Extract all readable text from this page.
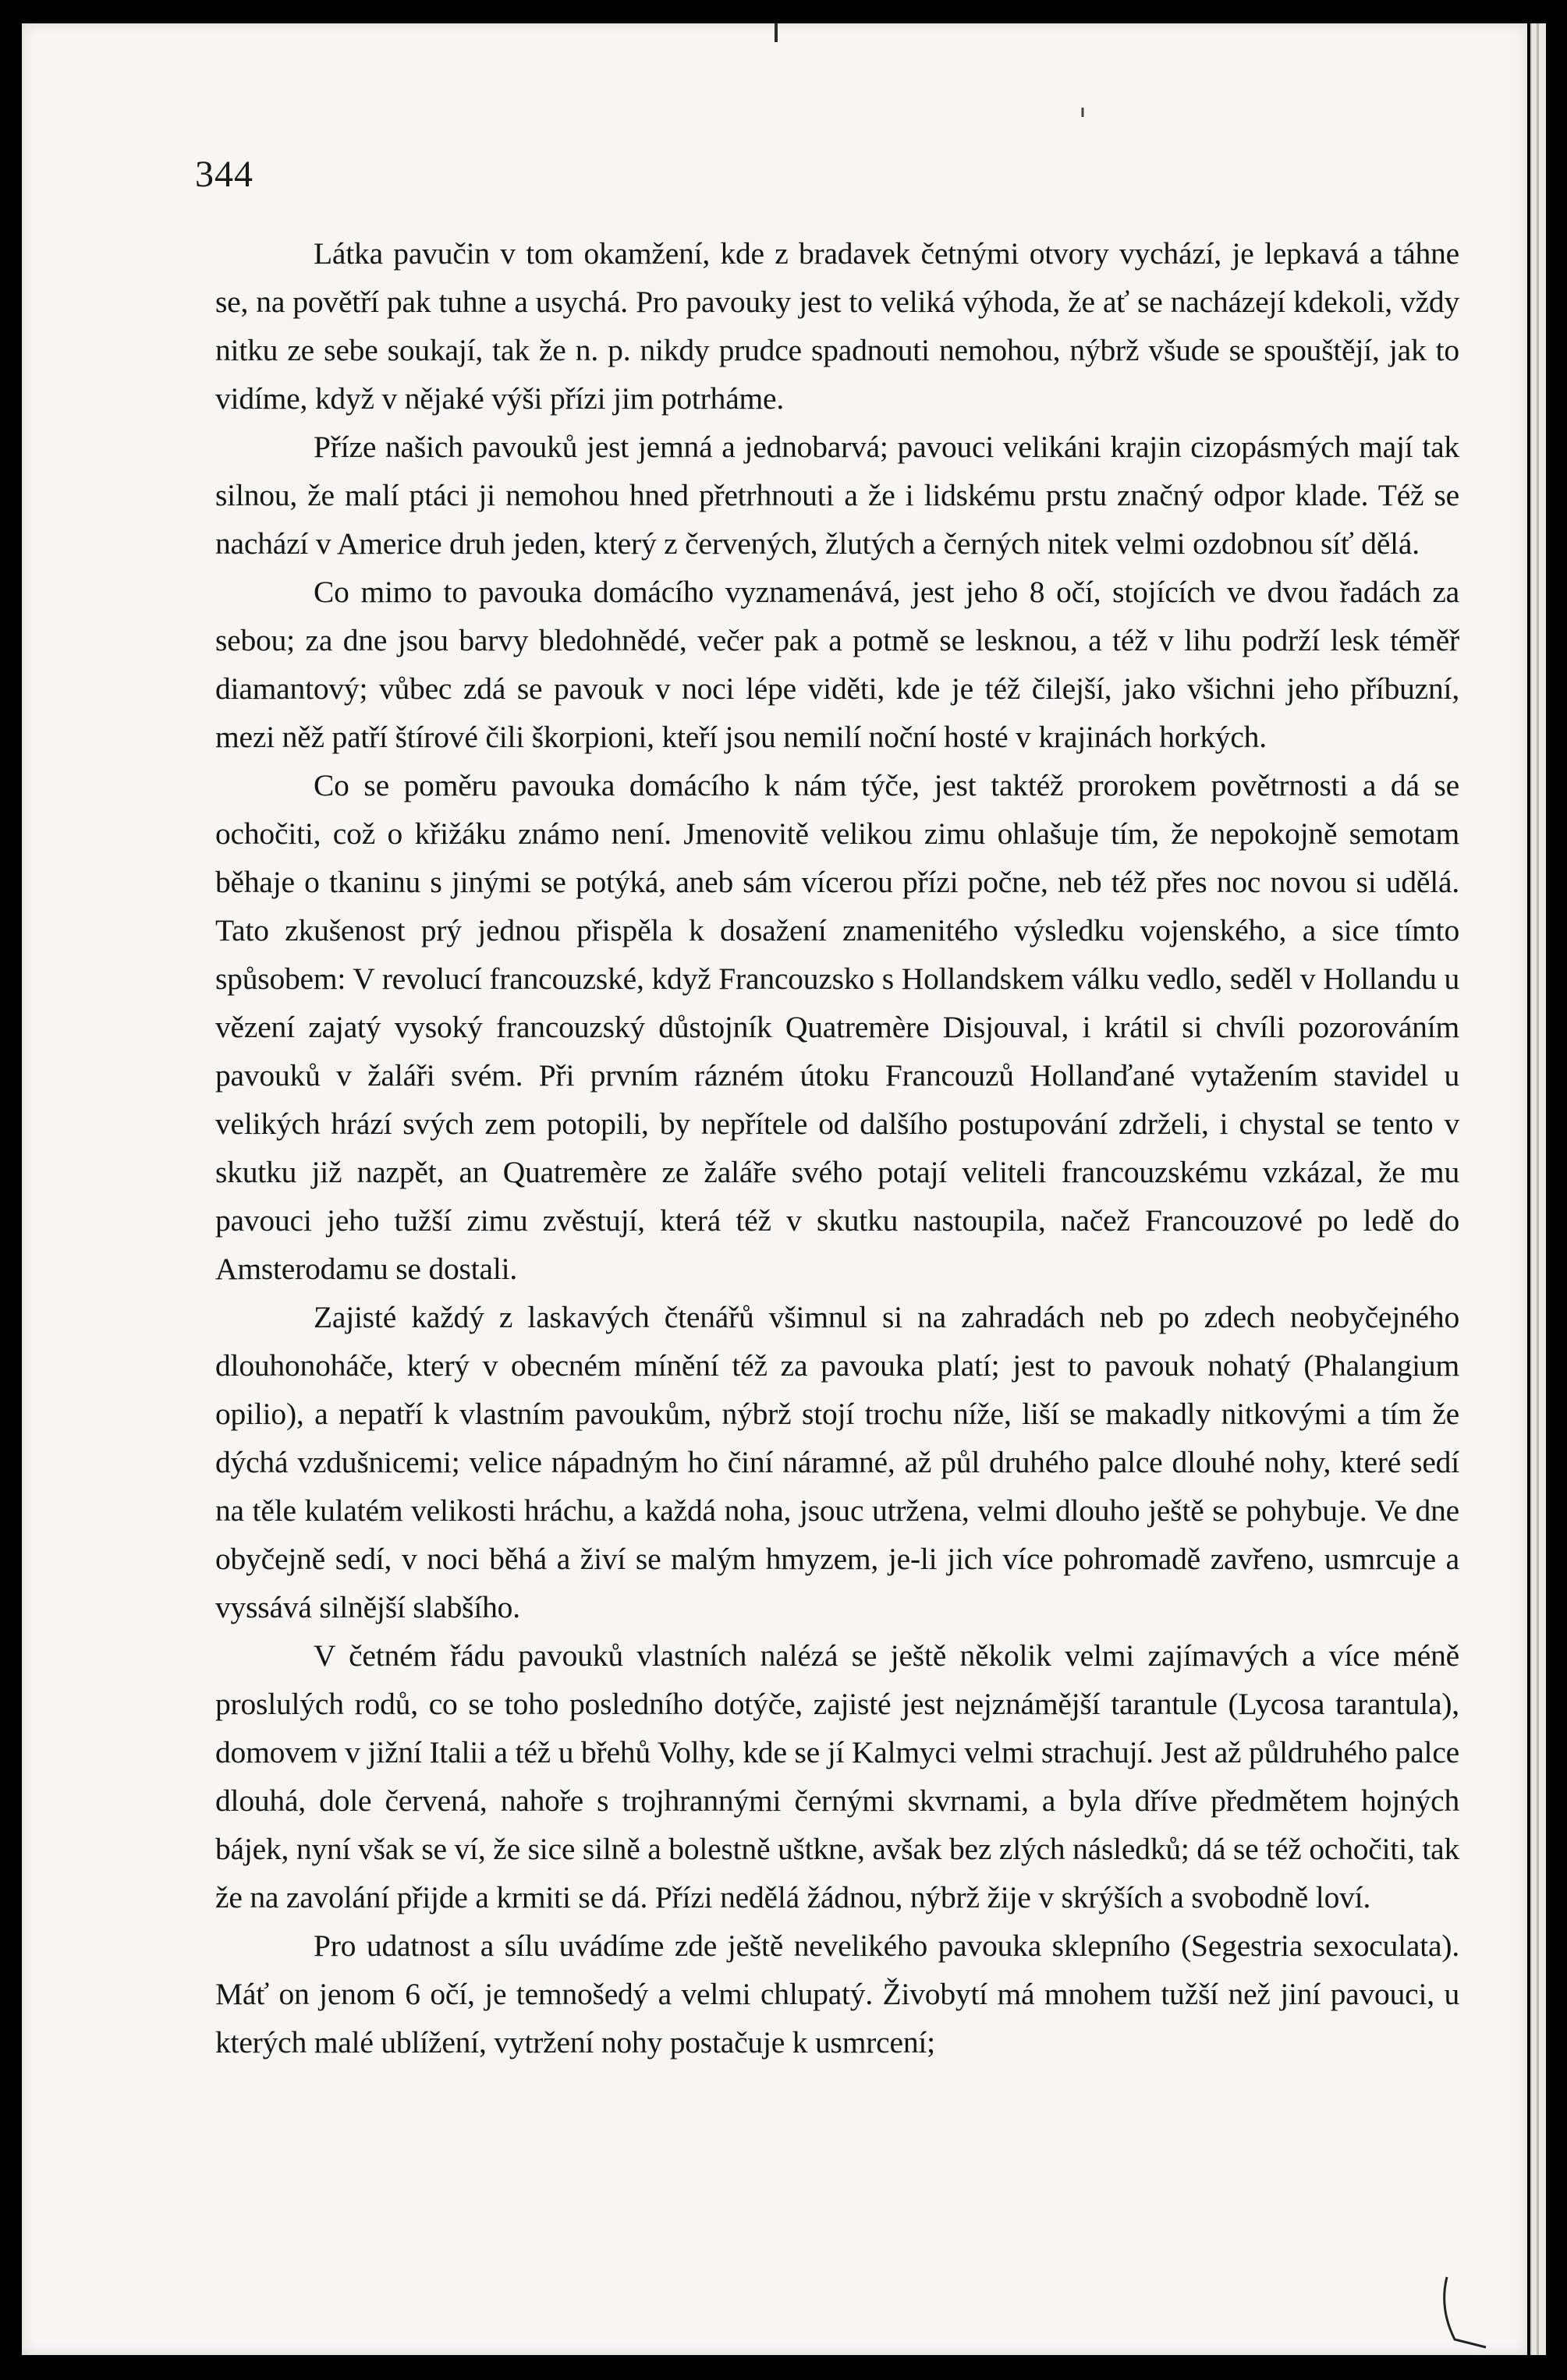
344

Látka pavučin v tom okamžení, kde z bradavek četnými otvory vychází, je lepkavá a táhne se, na povětří pak tuhne a usychá. Pro pavouky jest to veliká výhoda, že ať se nacházejí kdekoli, vždy nitku ze sebe soukají, tak že n. p. nikdy prudce spadnouti nemohou, nýbrž všude se spouštějí, jak to vidíme, když v nějaké výši přízi jim potrháme.

Příze našich pavouků jest jemná a jednobarvá; pavouci velikáni krajin cizopásmých mají tak silnou, že malí ptáci ji nemohou hned přetrhnouti a že i lidskému prstu značný odpor klade. Též se nachází v Americe druh jeden, který z červených, žlutých a černých nitek velmi ozdobnou síť dělá.

Co mimo to pavouka domácího vyznamenává, jest jeho 8 očí, stojících ve dvou řadách za sebou; za dne jsou barvy bledohnědé, večer pak a potmě se lesknou, a též v lihu podrží lesk téměř diamantový; vůbec zdá se pavouk v noci lépe viděti, kde je též čilejší, jako všichni jeho příbuzní, mezi něž patří štírové čili škorpioni, kteří jsou nemilí noční hosté v krajinách horkých.

Co se poměru pavouka domácího k nám týče, jest taktéž prorokem povětrnosti a dá se ochočiti, což o křižáku známo není. Jmenovitě velikou zimu ohlašuje tím, že nepokojně semotam běhaje o tkaninu s jinými se potýká, aneb sám vícerou přízi počne, neb též přes noc novou si udělá. Tato zkušenost prý jednou přispěla k dosažení znamenitého výsledku vojenského, a sice tímto spůsobem: V revolucí francouzské, když Francouzsko s Hollandskem válku vedlo, seděl v Hollandu u vězení zajatý vysoký francouzský důstojník Quatremère Disjouval, i krátil si chvíli pozorováním pavouků v žaláři svém. Při prvním rázném útoku Francouzů Hollanďané vytažením stavidel u velikých hrází svých zem potopili, by nepřítele od dalšího postupování zdrželi, i chystal se tento v skutku již nazpět, an Quatremère ze žaláře svého potají veliteli francouzskému vzkázal, že mu pavouci jeho tužší zimu zvěstují, která též v skutku nastoupila, načež Francouzové po ledě do Amsterodamu se dostali.

Zajisté každý z laskavých čtenářů všimnul si na zahradách neb po zdech neobyčejného dlouhonoháče, který v obecném mínění též za pavouka platí; jest to pavouk nohatý (Phalangium opilio), a nepatří k vlastním pavoukům, nýbrž stojí trochu níže, liší se makadly nitkovými a tím že dýchá vzdušnicemi; velice nápadným ho činí náramné, až půl druhého palce dlouhé nohy, které sedí na těle kulatém velikosti hráchu, a každá noha, jsouc utržena, velmi dlouho ještě se pohybuje. Ve dne obyčejně sedí, v noci běhá a živí se malým hmyzem, je-li jich více pohromadě zavřeno, usmrcuje a vyssává silnější slabšího.

V četném řádu pavouků vlastních nalézá se ještě několik velmi zajímavých a více méně proslulých rodů, co se toho posledního dotýče, zajisté jest nejznámější tarantule (Lycosa tarantula), domovem v jižní Italii a též u břehů Volhy, kde se jí Kalmyci velmi strachují. Jest až půldruhého palce dlouhá, dole červená, nahoře s trojhrannými černými skvrnami, a byla dříve předmětem hojných bájek, nyní však se ví, že sice silně a bolestně uštkne, avšak bez zlých následků; dá se též ochočiti, tak že na zavolání přijde a krmiti se dá. Přízi nedělá žádnou, nýbrž žije v skrýších a svobodně loví.

Pro udatnost a sílu uvádíme zde ještě nevelikého pavouka sklepního (Segestria sexoculata). Máť on jenom 6 očí, je temnošedý a velmi chlupatý. Živobytí má mnohem tužší než jiní pavouci, u kterých malé ublížení, vytržení nohy postačuje k usmrcení;
